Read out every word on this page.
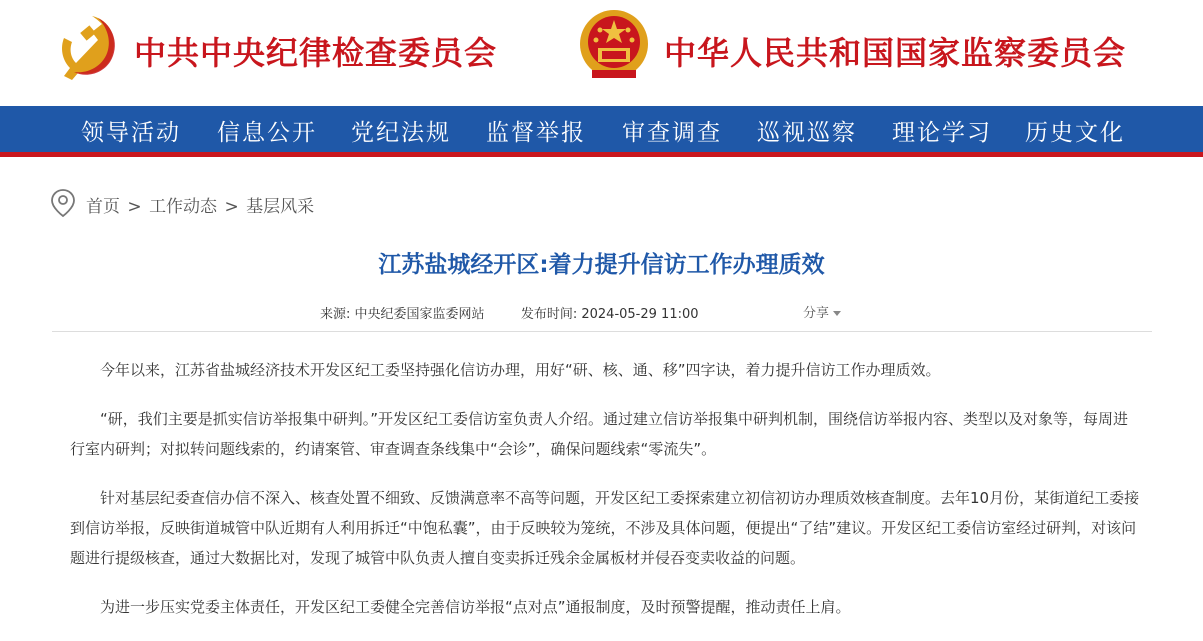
中共中央纪律检查委员会	中华人民共和国国家监察委员会
领导活动 信息公开 党纪法规 监督举报 审查调查 巡视巡察 理论学习 历史文化
首页 > 工作动态 > 基层风采
江苏盐城经开区:着力提升信访工作办理质效
来源: 中央纪委国家监委网站	发布时间: 2024-05-29 11:00	分享

今年以来，江苏省盐城经济技术开发区纪工委坚持强化信访办理，用好“研、核、通、移”四字诀，着力提升信访工作办理质效。

“研，我们主要是抓实信访举报集中研判。”开发区纪工委信访室负责人介绍。通过建立信访举报集中研判机制，围绕信访举报内容、类型以及对象等，每周进行室内研判；对拟转问题线索的，约请案管、审查调查条线集中“会诊”，确保问题线索“零流失”。

针对基层纪委查信办信不深入、核查处置不细致、反馈满意率不高等问题，开发区纪工委探索建立初信初访办理质效核查制度。去年10月份，某街道纪工委接到信访举报，反映街道城管中队近期有人利用拆迁“中饱私囊”，由于反映较为笼统，不涉及具体问题，便提出“了结”建议。开发区纪工委信访室经过研判，对该问题进行提级核查，通过大数据比对，发现了城管中队负责人擅自变卖拆迁残余金属板材并侵吞变卖收益的问题。

为进一步压实党委主体责任，开发区纪工委健全完善信访举报“点对点”通报制度，及时预警提醒，推动责任上肩。
